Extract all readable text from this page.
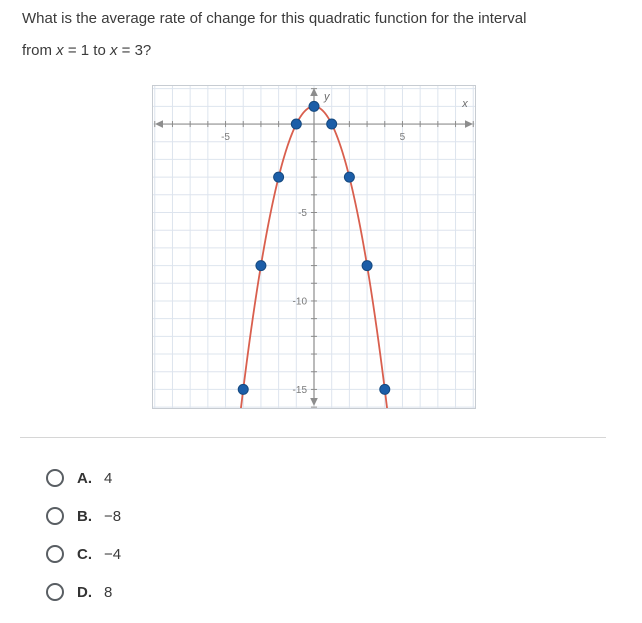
What is the average rate of change for this quadratic function for the interval
from x = 1 to x = 3?
-5	5
-5
-10
-15
y
x
A. 4
B. −8
C. −4
D. 8
